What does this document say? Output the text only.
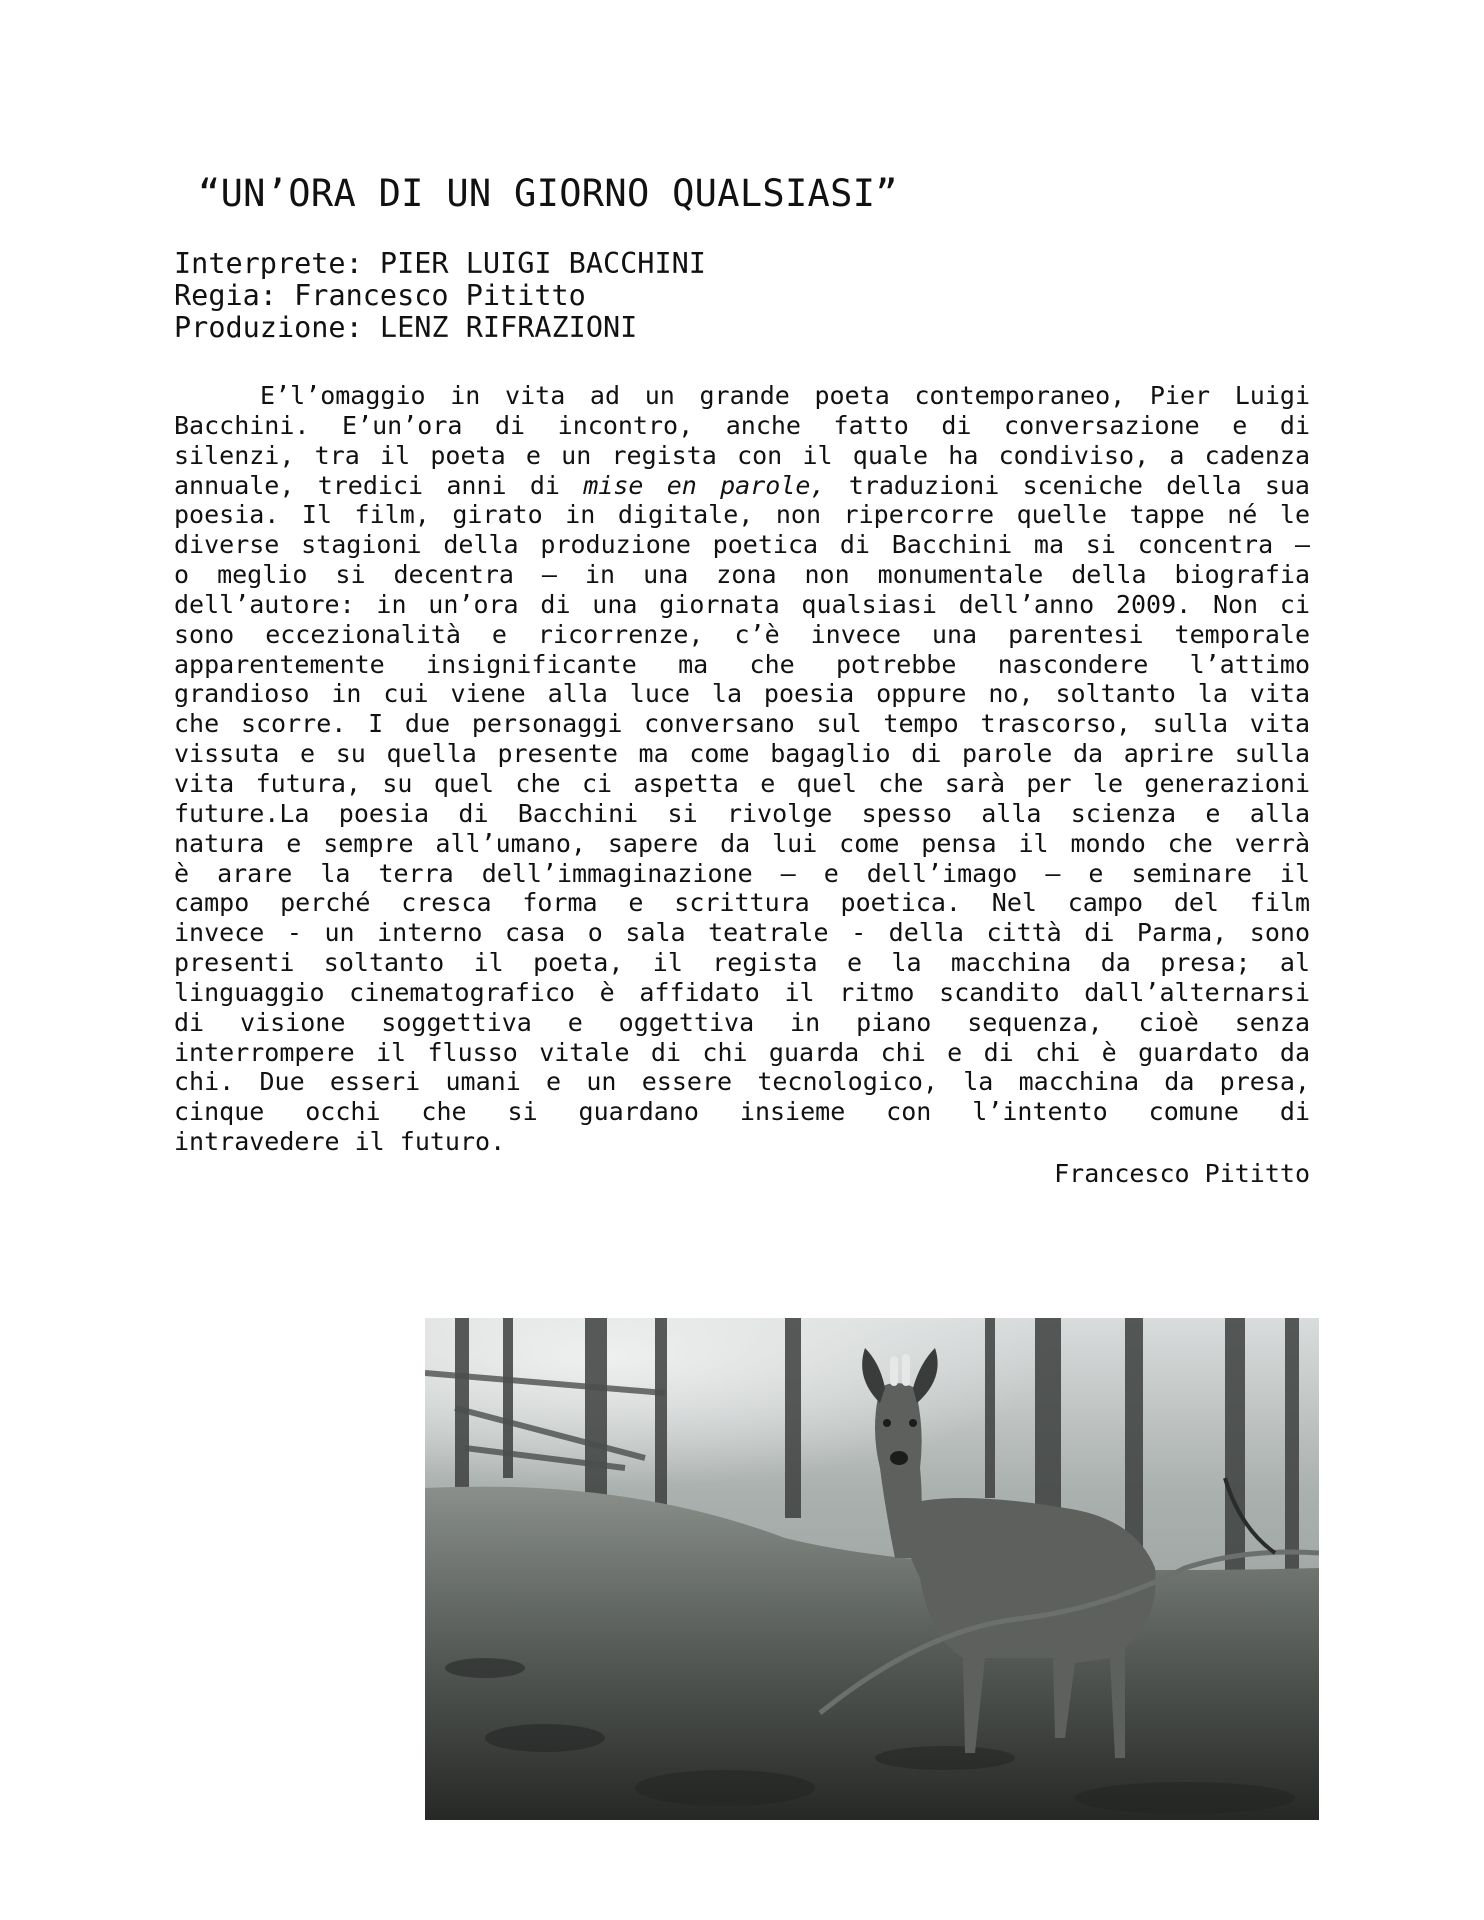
“UN’ORA DI UN GIORNO QUALSIASI”
Interprete: PIER LUIGI BACCHINI
Regia: Francesco Pititto
Produzione: LENZ RIFRAZIONI
E’l’omaggio in vita ad un grande poeta contemporaneo, Pier Luigi
Bacchini. E’un’ora di incontro, anche fatto di conversazione e di
silenzi, tra il poeta e un regista con il quale ha condiviso, a cadenza
annuale, tredici anni di mise en parole, traduzioni sceniche della sua
poesia. Il film, girato in digitale, non ripercorre quelle tappe né le
diverse stagioni della produzione poetica di Bacchini ma si concentra –
o meglio si decentra – in una zona non monumentale della biografia
dell’autore: in un’ora di una giornata qualsiasi dell’anno 2009. Non ci
sono eccezionalità e ricorrenze, c’è invece una parentesi temporale
apparentemente insignificante ma che potrebbe nascondere l’attimo
grandioso in cui viene alla luce la poesia oppure no, soltanto la vita
che scorre. I due personaggi conversano sul tempo trascorso, sulla vita
vissuta e su quella presente ma come bagaglio di parole da aprire sulla
vita futura, su quel che ci aspetta e quel che sarà per le generazioni
future.La poesia di Bacchini si rivolge spesso alla scienza e alla
natura e sempre all’umano, sapere da lui come pensa il mondo che verrà
è arare la terra dell’immaginazione – e dell’imago – e seminare il
campo perché cresca forma e scrittura poetica. Nel campo del film
invece - un interno casa o sala teatrale - della città di Parma, sono
presenti soltanto il poeta, il regista e la macchina da presa; al
linguaggio cinematografico è affidato il ritmo scandito dall’alternarsi
di visione soggettiva e oggettiva in piano sequenza, cioè senza
interrompere il flusso vitale di chi guarda chi e di chi è guardato da
chi. Due esseri umani e un essere tecnologico, la macchina da presa,
cinque occhi che si guardano insieme con l’intento comune di
intravedere il futuro.
Francesco Pititto
